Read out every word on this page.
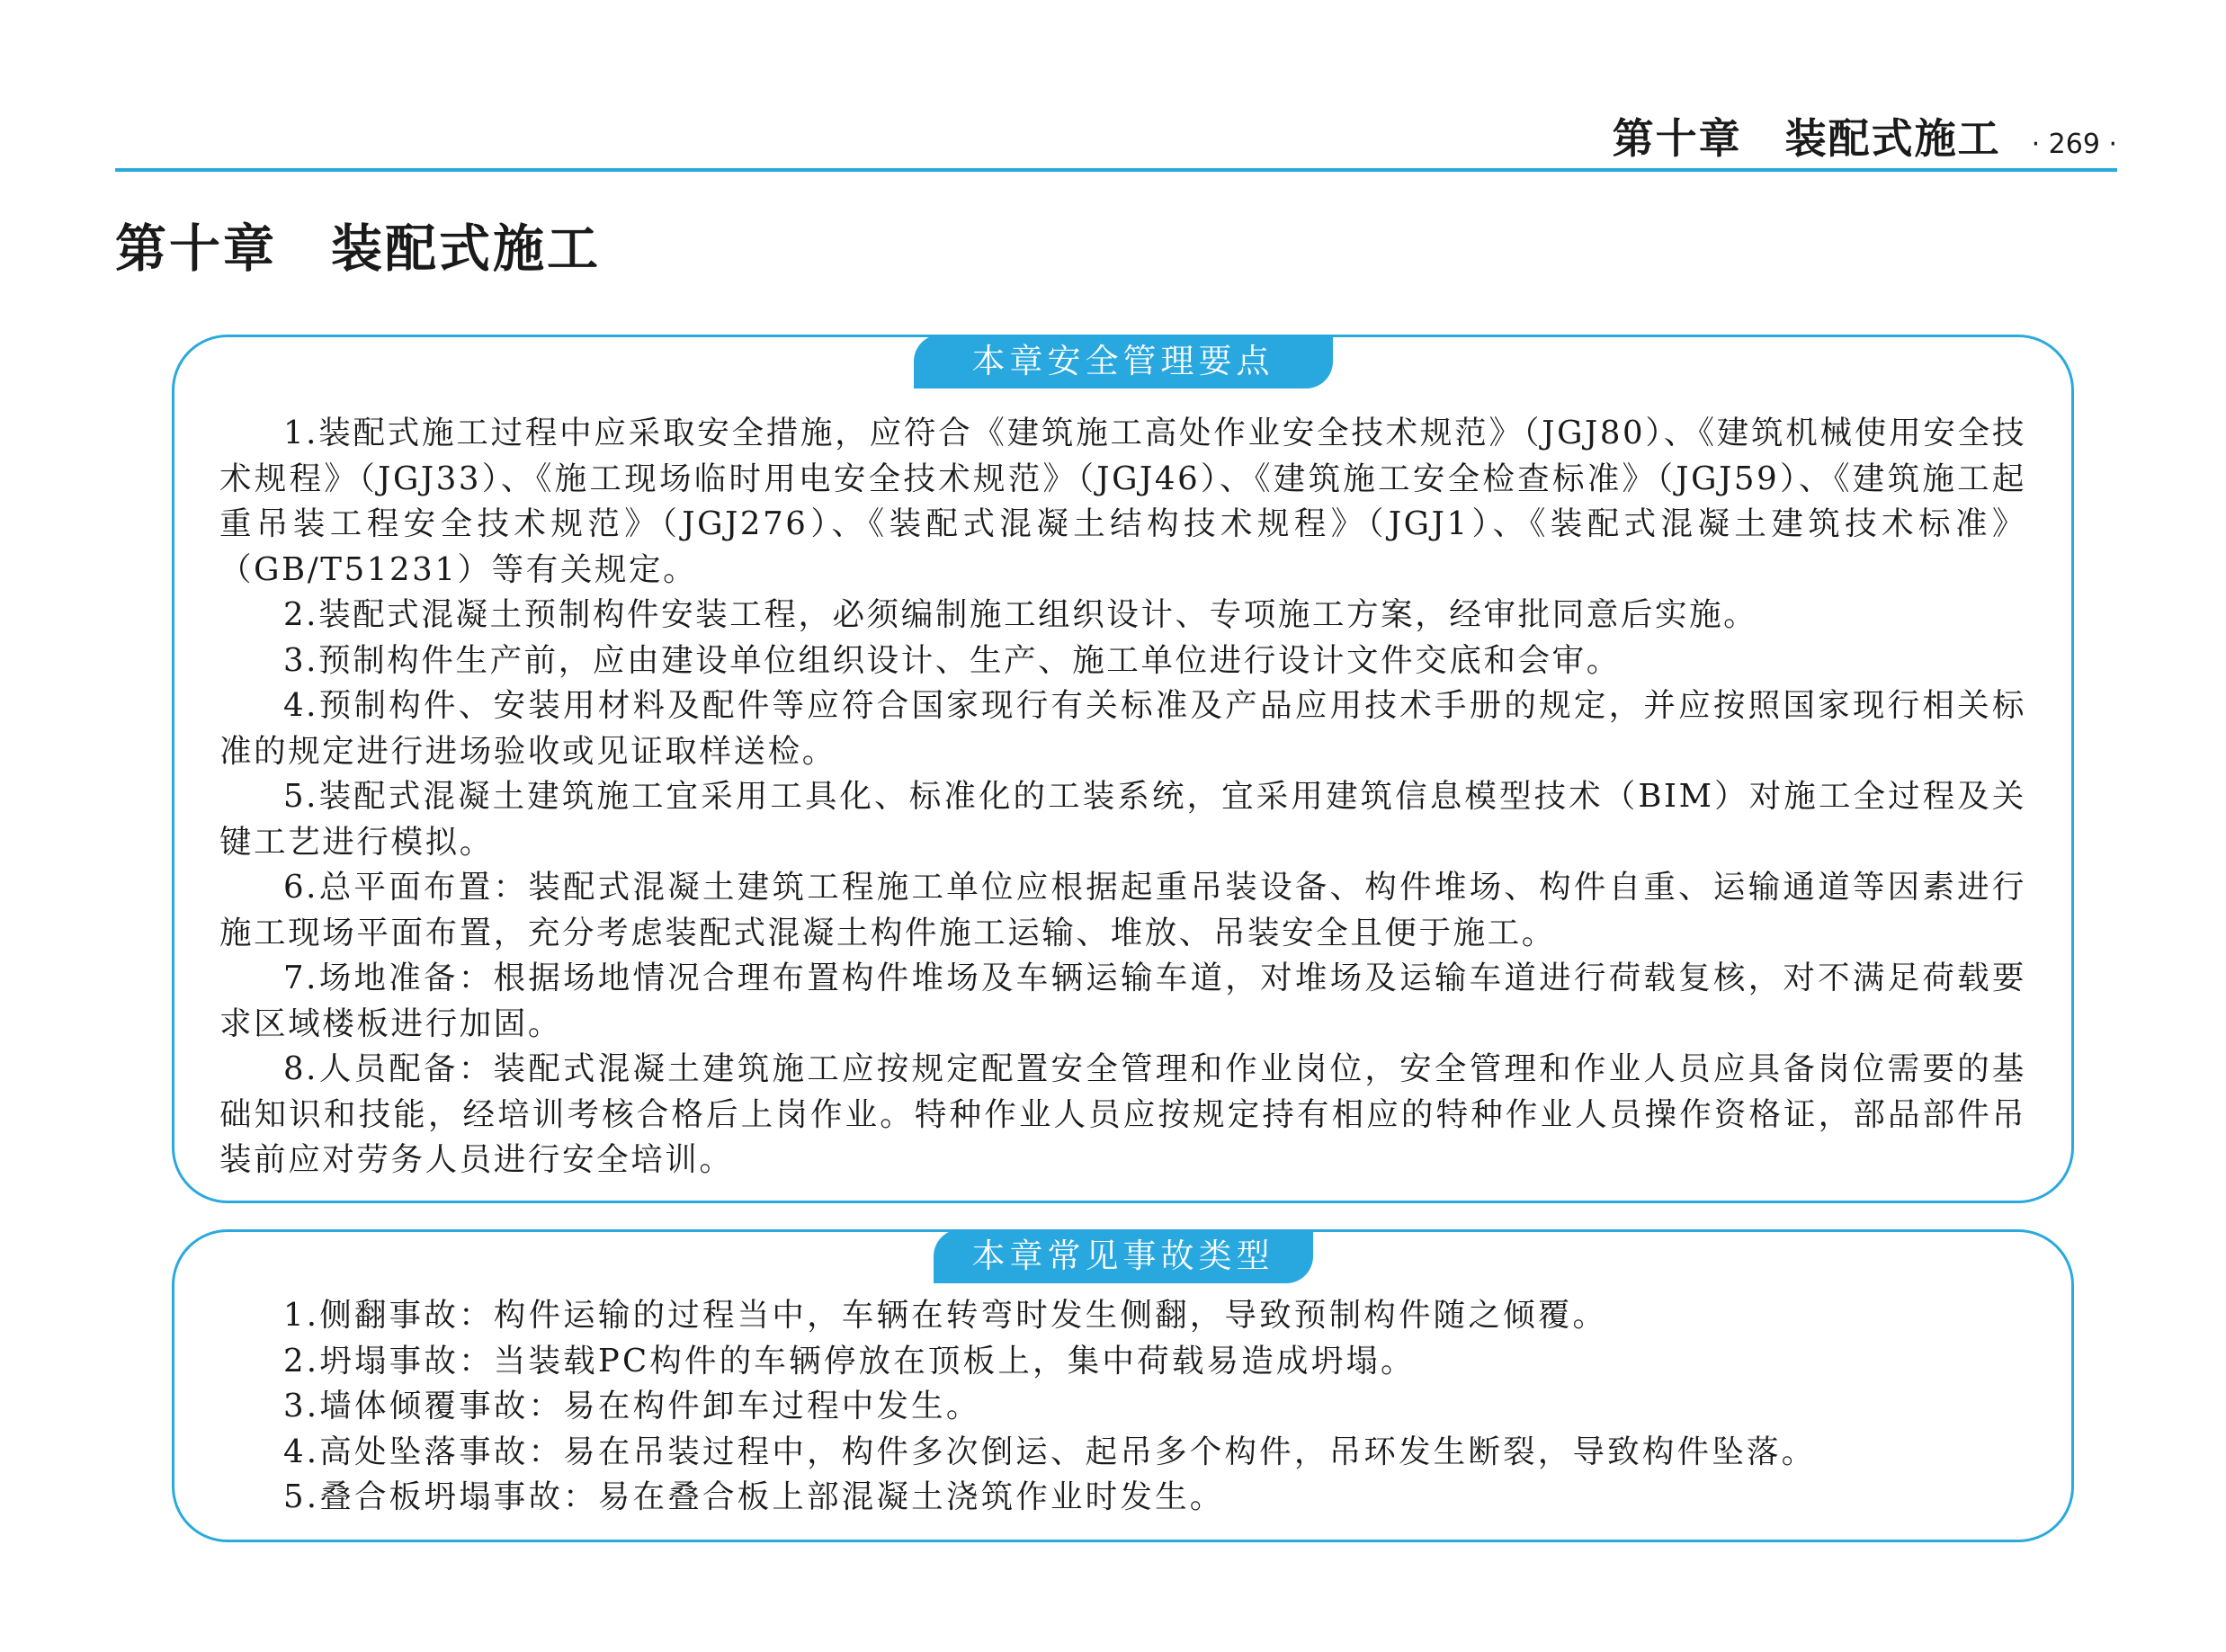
第十章　装配式施工 · 269 ·
第十章　装配式施工
本章安全管理要点

1.装配式施工过程中应采取安全措施，应符合《建筑施工高处作业安全技术规范》（JGJ80）、《建筑机械使用安全技术规程》（JGJ33）、《施工现场临时用电安全技术规范》（JGJ46）、《建筑施工安全检查标准》（JGJ59）、《建筑施工起重吊装工程安全技术规范》（JGJ276）、《装配式混凝土结构技术规程》（JGJ1）、《装配式混凝土建筑技术标准》（GB/T51231）等有关规定。

2.装配式混凝土预制构件安装工程，必须编制施工组织设计、专项施工方案，经审批同意后实施。

3.预制构件生产前，应由建设单位组织设计、生产、施工单位进行设计文件交底和会审。

4.预制构件、安装用材料及配件等应符合国家现行有关标准及产品应用技术手册的规定，并应按照国家现行相关标准的规定进行进场验收或见证取样送检。

5.装配式混凝土建筑施工宜采用工具化、标准化的工装系统，宜采用建筑信息模型技术（BIM）对施工全过程及关键工艺进行模拟。

6.总平面布置：装配式混凝土建筑工程施工单位应根据起重吊装设备、构件堆场、构件自重、运输通道等因素进行施工现场平面布置，充分考虑装配式混凝土构件施工运输、堆放、吊装安全且便于施工。

7.场地准备：根据场地情况合理布置构件堆场及车辆运输车道，对堆场及运输车道进行荷载复核，对不满足荷载要求区域楼板进行加固。

8.人员配备：装配式混凝土建筑施工应按规定配置安全管理和作业岗位，安全管理和作业人员应具备岗位需要的基础知识和技能，经培训考核合格后上岗作业。特种作业人员应按规定持有相应的特种作业人员操作资格证，部品部件吊装前应对劳务人员进行安全培训。

本章常见事故类型

1.侧翻事故：构件运输的过程当中，车辆在转弯时发生侧翻，导致预制构件随之倾覆。

2.坍塌事故：当装载PC构件的车辆停放在顶板上，集中荷载易造成坍塌。

3.墙体倾覆事故：易在构件卸车过程中发生。

4.高处坠落事故：易在吊装过程中，构件多次倒运、起吊多个构件，吊环发生断裂，导致构件坠落。

5.叠合板坍塌事故：易在叠合板上部混凝土浇筑作业时发生。
